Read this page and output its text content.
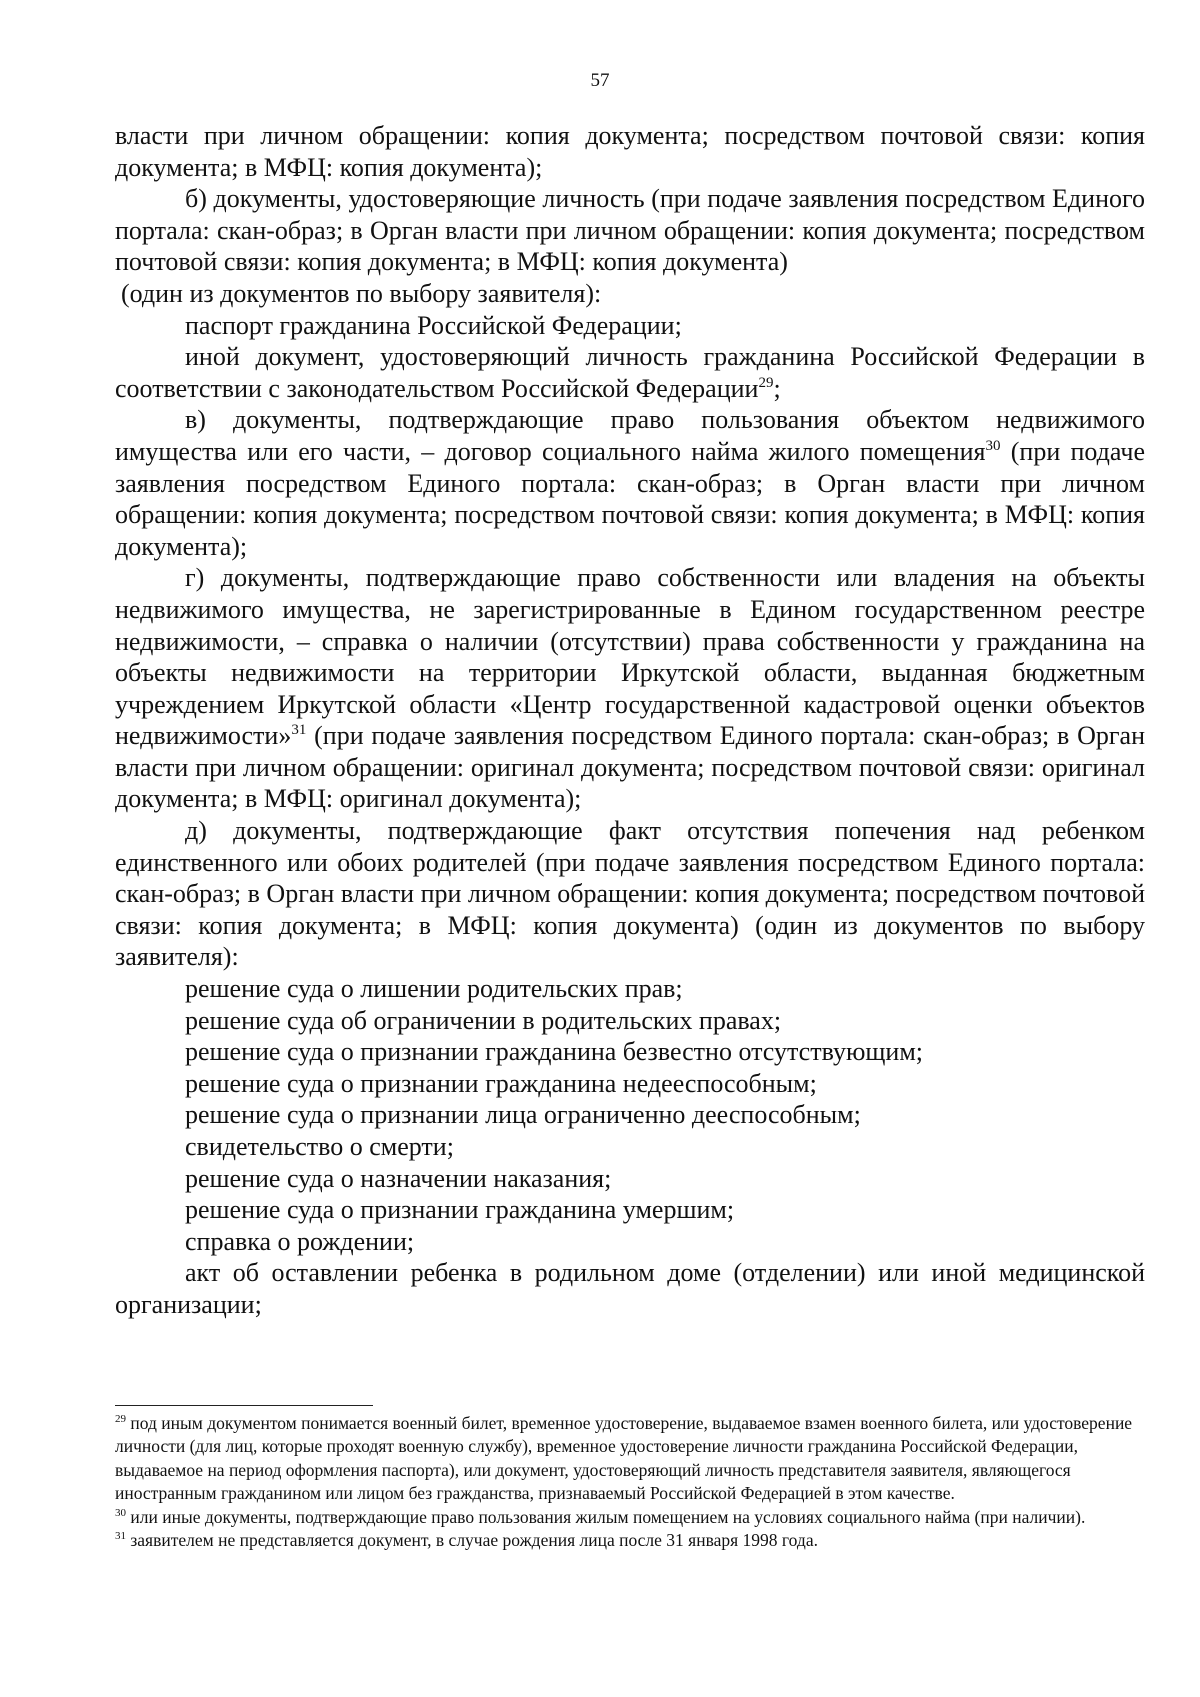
57

власти при личном обращении: копия документа; посредством почтовой связи: копия документа; в МФЦ: копия документа);

б) документы, удостоверяющие личность (при подаче заявления посредством Единого портала: скан-образ; в Орган власти при личном обращении: копия документа; посредством почтовой связи: копия документа; в МФЦ: копия документа)

(один из документов по выбору заявителя):

паспорт гражданина Российской Федерации;

иной документ, удостоверяющий личность гражданина Российской Федерации в соответствии с законодательством Российской Федерации$^{29}$;

в) документы, подтверждающие право пользования объектом недвижимого имущества или его части, – договор социального найма жилого помещения$^{30}$ (при подаче заявления посредством Единого портала: скан-образ; в Орган власти при личном обращении: копия документа; посредством почтовой связи: копия документа; в МФЦ: копия документа);

г) документы, подтверждающие право собственности или владения на объекты недвижимого имущества, не зарегистрированные в Едином государственном реестре недвижимости, – справка о наличии (отсутствии) права собственности у гражданина на объекты недвижимости на территории Иркутской области, выданная бюджетным учреждением Иркутской области «Центр государственной кадастровой оценки объектов недвижимости»$^{31}$ (при подаче заявления посредством Единого портала: скан-образ; в Орган власти при личном обращении: оригинал документа; посредством почтовой связи: оригинал документа; в МФЦ: оригинал документа);

д) документы, подтверждающие факт отсутствия попечения над ребенком единственного или обоих родителей (при подаче заявления посредством Единого портала: скан-образ; в Орган власти при личном обращении: копия документа; посредством почтовой связи: копия документа; в МФЦ: копия документа) (один из документов по выбору заявителя):

решение суда о лишении родительских прав;

решение суда об ограничении в родительских правах;

решение суда о признании гражданина безвестно отсутствующим;

решение суда о признании гражданина недееспособным;

решение суда о признании лица ограниченно дееспособным;

свидетельство о смерти;

решение суда о назначении наказания;

решение суда о признании гражданина умершим;

справка о рождении;

акт об оставлении ребенка в родильном доме (отделении) или иной медицинской организации;

$^{29}$ под иным документом понимается военный билет, временное удостоверение, выдаваемое взамен военного билета, или удостоверение личности (для лиц, которые проходят военную службу), временное удостоверение личности гражданина Российской Федерации, выдаваемое на период оформления паспорта), или документ, удостоверяющий личность представителя заявителя, являющегося иностранным гражданином или лицом без гражданства, признаваемый Российской Федерацией в этом качестве.

$^{30}$ или иные документы, подтверждающие право пользования жилым помещением на условиях социального найма (при наличии).

$^{31}$ заявителем не представляется документ, в случае рождения лица после 31 января 1998 года.
